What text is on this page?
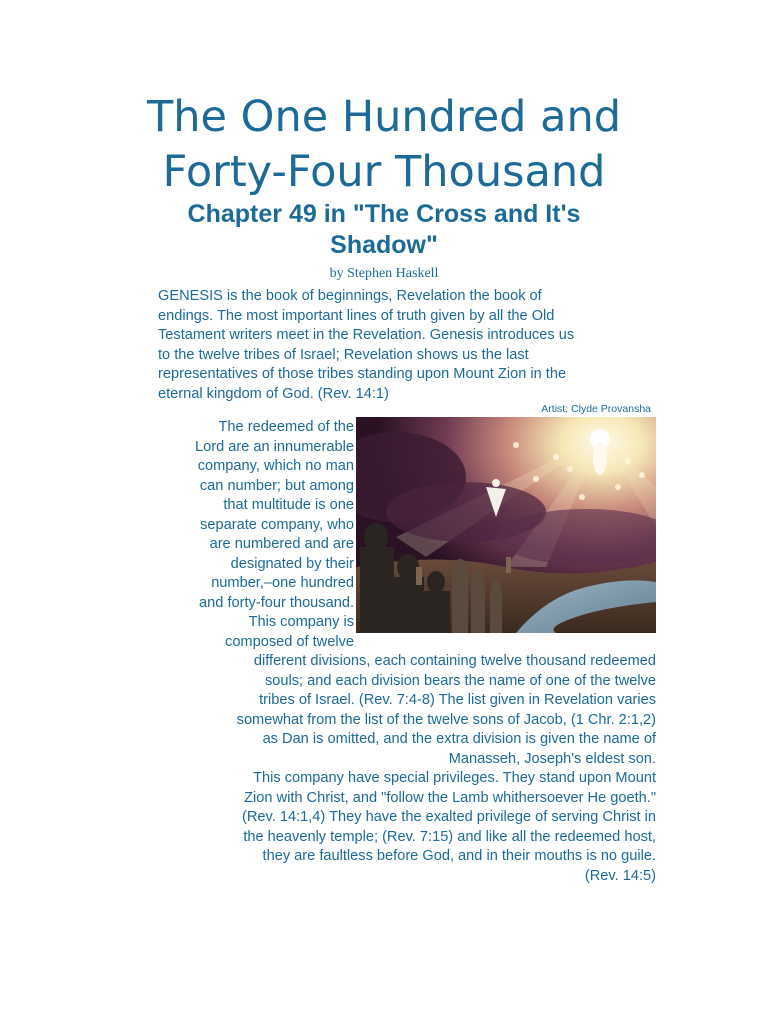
The One Hundred and
Forty-Four Thousand
Chapter 49 in "The Cross and It's
Shadow"
by Stephen Haskell
GENESIS is the book of beginnings, Revelation the book of
endings. The most important lines of truth given by all the Old
Testament writers meet in the Revelation. Genesis introduces us
to the twelve tribes of Israel; Revelation shows us the last
representatives of those tribes standing upon Mount Zion in the
eternal kingdom of God. (Rev. 14:1)
Artist: Clyde Provansha
The redeemed of the
Lord are an innumerable
company, which no man
can number; but among
that multitude is one
separate company, who
are numbered and are
designated by their
number,–one hundred
and forty-four thousand.
This company is
composed of twelve
different divisions, each containing twelve thousand redeemed
souls; and each division bears the name of one of the twelve
tribes of Israel. (Rev. 7:4-8) The list given in Revelation varies
somewhat from the list of the twelve sons of Jacob, (1 Chr. 2:1,2)
as Dan is omitted, and the extra division is given the name of
Manasseh, Joseph's eldest son.
This company have special privileges. They stand upon Mount
Zion with Christ, and "follow the Lamb whithersoever He goeth."
(Rev. 14:1,4) They have the exalted privilege of serving Christ in
the heavenly temple; (Rev. 7:15) and like all the redeemed host,
they are faultless before God, and in their mouths is no guile.
(Rev. 14:5)
